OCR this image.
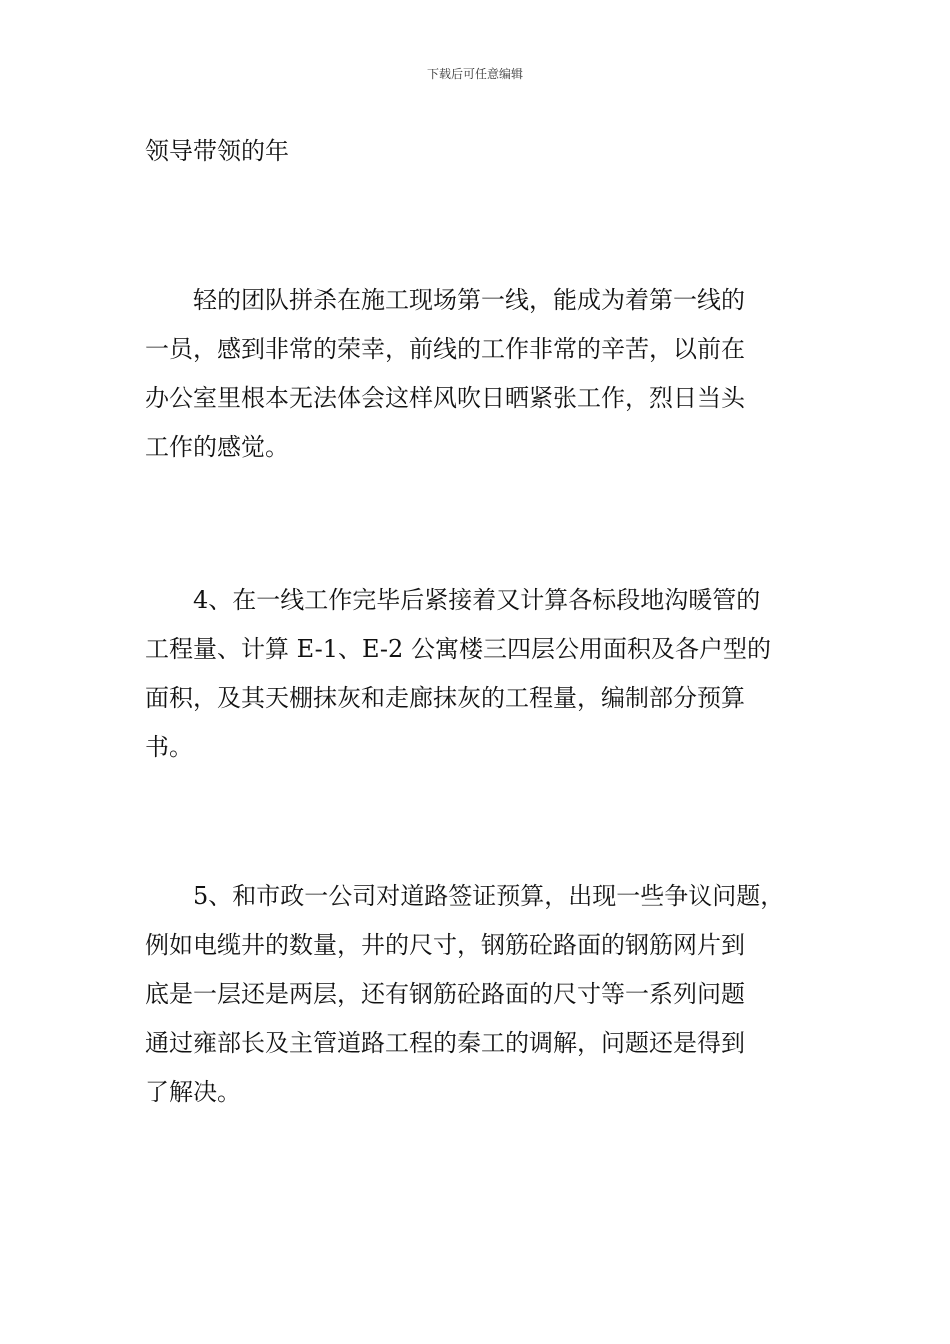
下载后可任意编辑

领导带领的年

轻的团队拼杀在施工现场第一线，能成为着第一线的

一员，感到非常的荣幸，前线的工作非常的辛苦，以前在

办公室里根本无法体会这样风吹日晒紧张工作，烈日当头

工作的感觉。

4、在一线工作完毕后紧接着又计算各标段地沟暖管的

工程量、计算 E-1、E-2 公寓楼三四层公用面积及各户型的

面积，及其天棚抹灰和走廊抹灰的工程量，编制部分预算

书。

5、和市政一公司对道路签证预算，出现一些争议问题，

例如电缆井的数量，井的尺寸，钢筋砼路面的钢筋网片到

底是一层还是两层，还有钢筋砼路面的尺寸等一系列问题

通过雍部长及主管道路工程的秦工的调解，问题还是得到

了解决。
